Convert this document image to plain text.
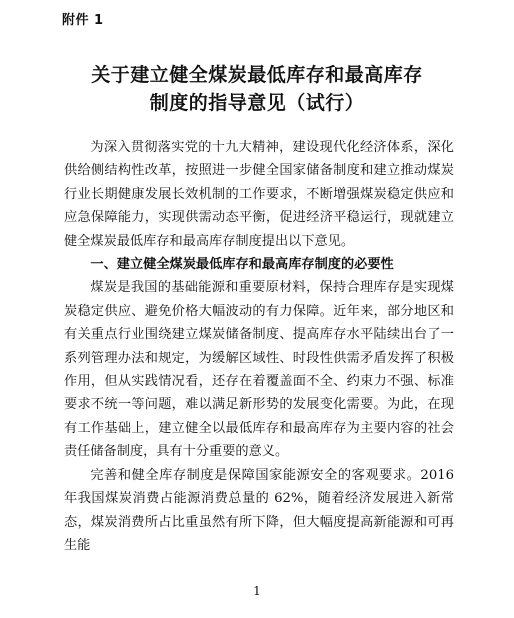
附件 1
关于建立健全煤炭最低库存和最高库存
制度的指导意见（试行）

为深入贯彻落实党的十九大精神，建设现代化经济体系，深化供给侧结构性改革，按照进一步健全国家储备制度和建立推动煤炭行业长期健康发展长效机制的工作要求，不断增强煤炭稳定供应和应急保障能力，实现供需动态平衡，促进经济平稳运行，现就建立健全煤炭最低库存和最高库存制度提出以下意见。

一、建立健全煤炭最低库存和最高库存制度的必要性

煤炭是我国的基础能源和重要原材料，保持合理库存是实现煤炭稳定供应、避免价格大幅波动的有力保障。近年来，部分地区和有关重点行业围绕建立煤炭储备制度、提高库存水平陆续出台了一系列管理办法和规定，为缓解区域性、时段性供需矛盾发挥了积极作用，但从实践情况看，还存在着覆盖面不全、约束力不强、标准要求不统一等问题，难以满足新形势的发展变化需要。为此，在现有工作基础上，建立健全以最低库存和最高库存为主要内容的社会责任储备制度，具有十分重要的意义。

完善和健全库存制度是保障国家能源安全的客观要求。2016 年我国煤炭消费占能源消费总量的 62%，随着经济发展进入新常态，煤炭消费所占比重虽然有所下降，但大幅度提高新能源和可再生能

1
